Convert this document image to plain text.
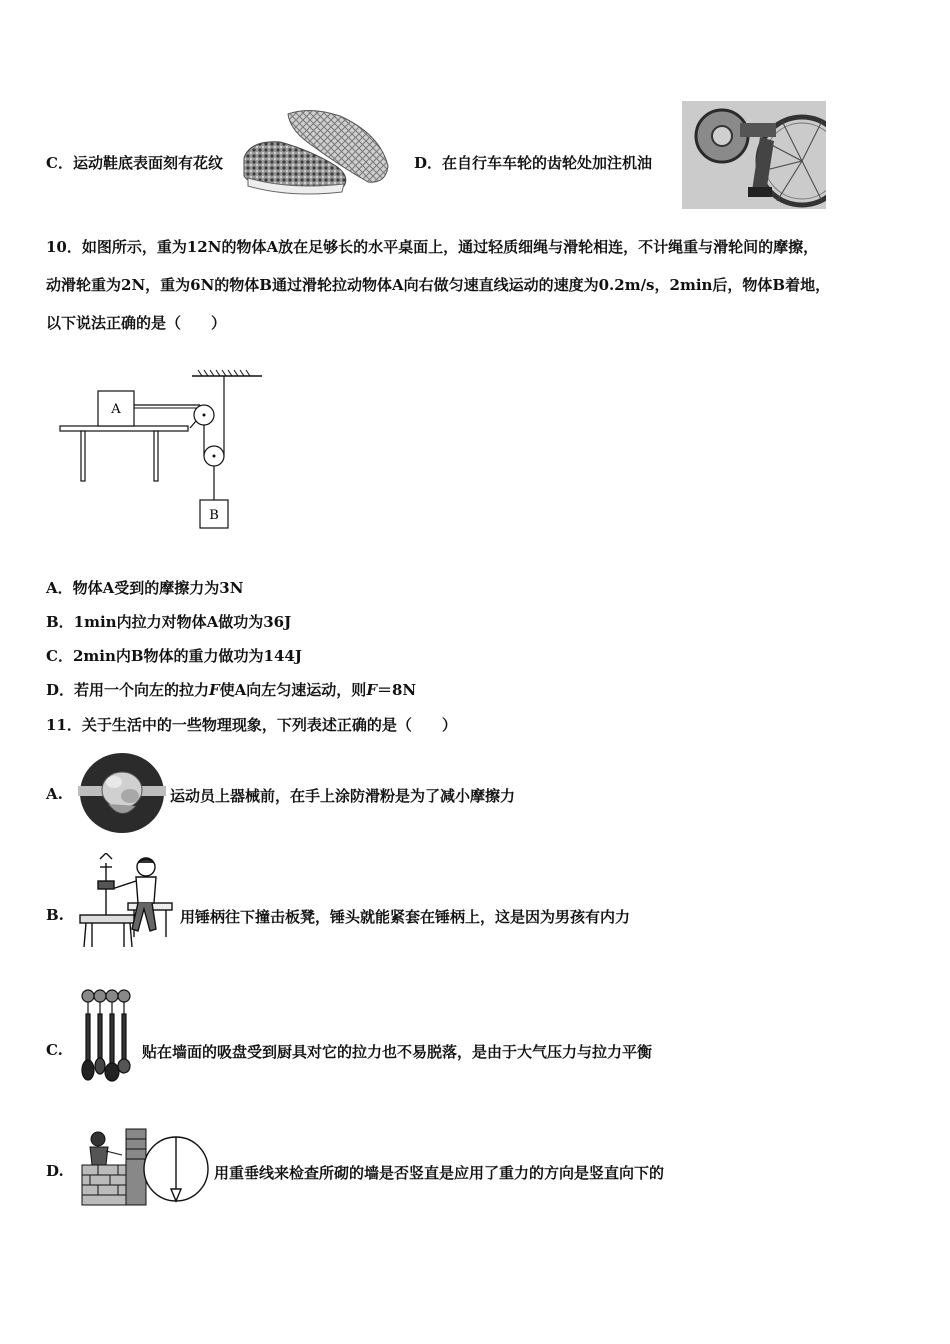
C．运动鞋底表面刻有花纹	D．在自行车车轮的齿轮处加注机油
10．如图所示，重为12N的物体A放在足够长的水平桌面上，通过轻质细绳与滑轮相连，不计绳重与滑轮间的摩擦，
动滑轮重为2N，重为6N的物体B通过滑轮拉动物体A向右做匀速直线运动的速度为0.2m/s，2min后，物体B着地，
以下说法正确的是（　　）
A
B
A．物体A受到的摩擦力为3N
B．1min内拉力对物体A做功为36J
C．2min内B物体的重力做功为144J
D．若用一个向左的拉力F使A向左匀速运动，则F＝8N
11．关于生活中的一些物理现象，下列表述正确的是（　　）
A.	运动员上器械前，在手上涂防滑粉是为了减小摩擦力
B.	用锤柄往下撞击板凳，锤头就能紧套在锤柄上，这是因为男孩有内力
C.	贴在墙面的吸盘受到厨具对它的拉力也不易脱落，是由于大气压力与拉力平衡
D.	用重垂线来检查所砌的墙是否竖直是应用了重力的方向是竖直向下的
